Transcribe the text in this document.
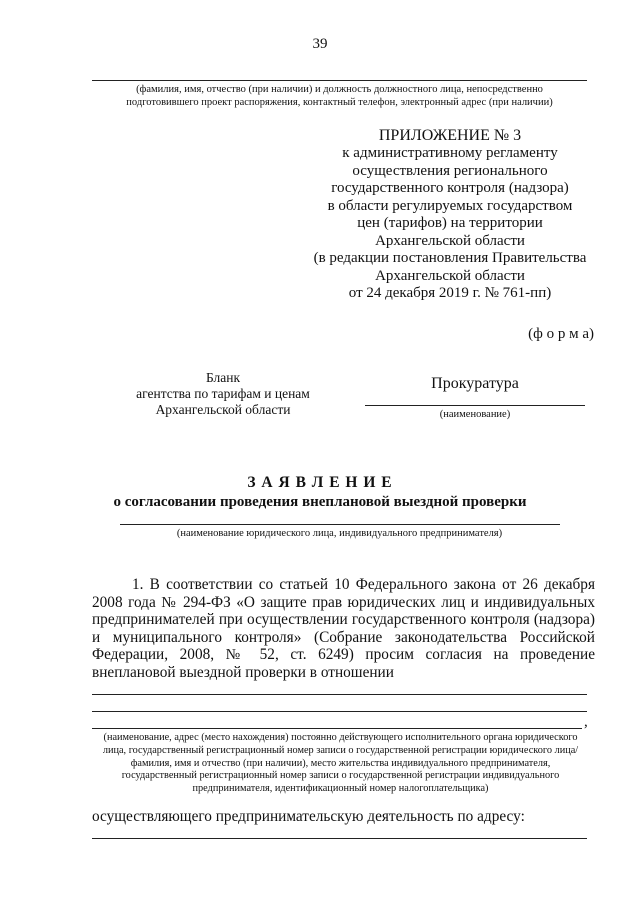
39
(фамилия, имя, отчество (при наличии) и должность должностного лица, непосредственно
подготовившего проект распоряжения, контактный телефон, электронный адрес (при наличии)
ПРИЛОЖЕНИЕ № 3
к административному регламенту
осуществления регионального
государственного контроля (надзора)
в области регулируемых государством
цен (тарифов) на территории
Архангельской области
(в редакции постановления Правительства
Архангельской области
от 24 декабря 2019 г. № 761-пп)
(ф о р м а)
Бланк
агентства по тарифам и ценам
Архангельской области
Прокуратура
(наименование)
З А Я В Л Е Н И Е
о согласовании проведения внеплановой выездной проверки
(наименование юридического лица, индивидуального предпринимателя)
1. В соответствии со статьей 10 Федерального закона от 26 декабря
2008 года № 294-ФЗ «О защите прав юридических лиц и индивидуальных
предпринимателей при осуществлении государственного контроля (надзора)
и муниципального контроля» (Собрание законодательства Российской
Федерации, 2008, № 52, ст. 6249) просим согласия на проведение
внеплановой выездной проверки в отношении
,
(наименование, адрес (место нахождения) постоянно действующего исполнительного органа юридического
лица, государственный регистрационный номер записи о государственной регистрации юридического лица/
фамилия, имя и отчество (при наличии), место жительства индивидуального предпринимателя,
государственный регистрационный номер записи о государственной регистрации индивидуального
предпринимателя, идентификационный номер налогоплательщика)
осуществляющего предпринимательскую деятельность по адресу:
